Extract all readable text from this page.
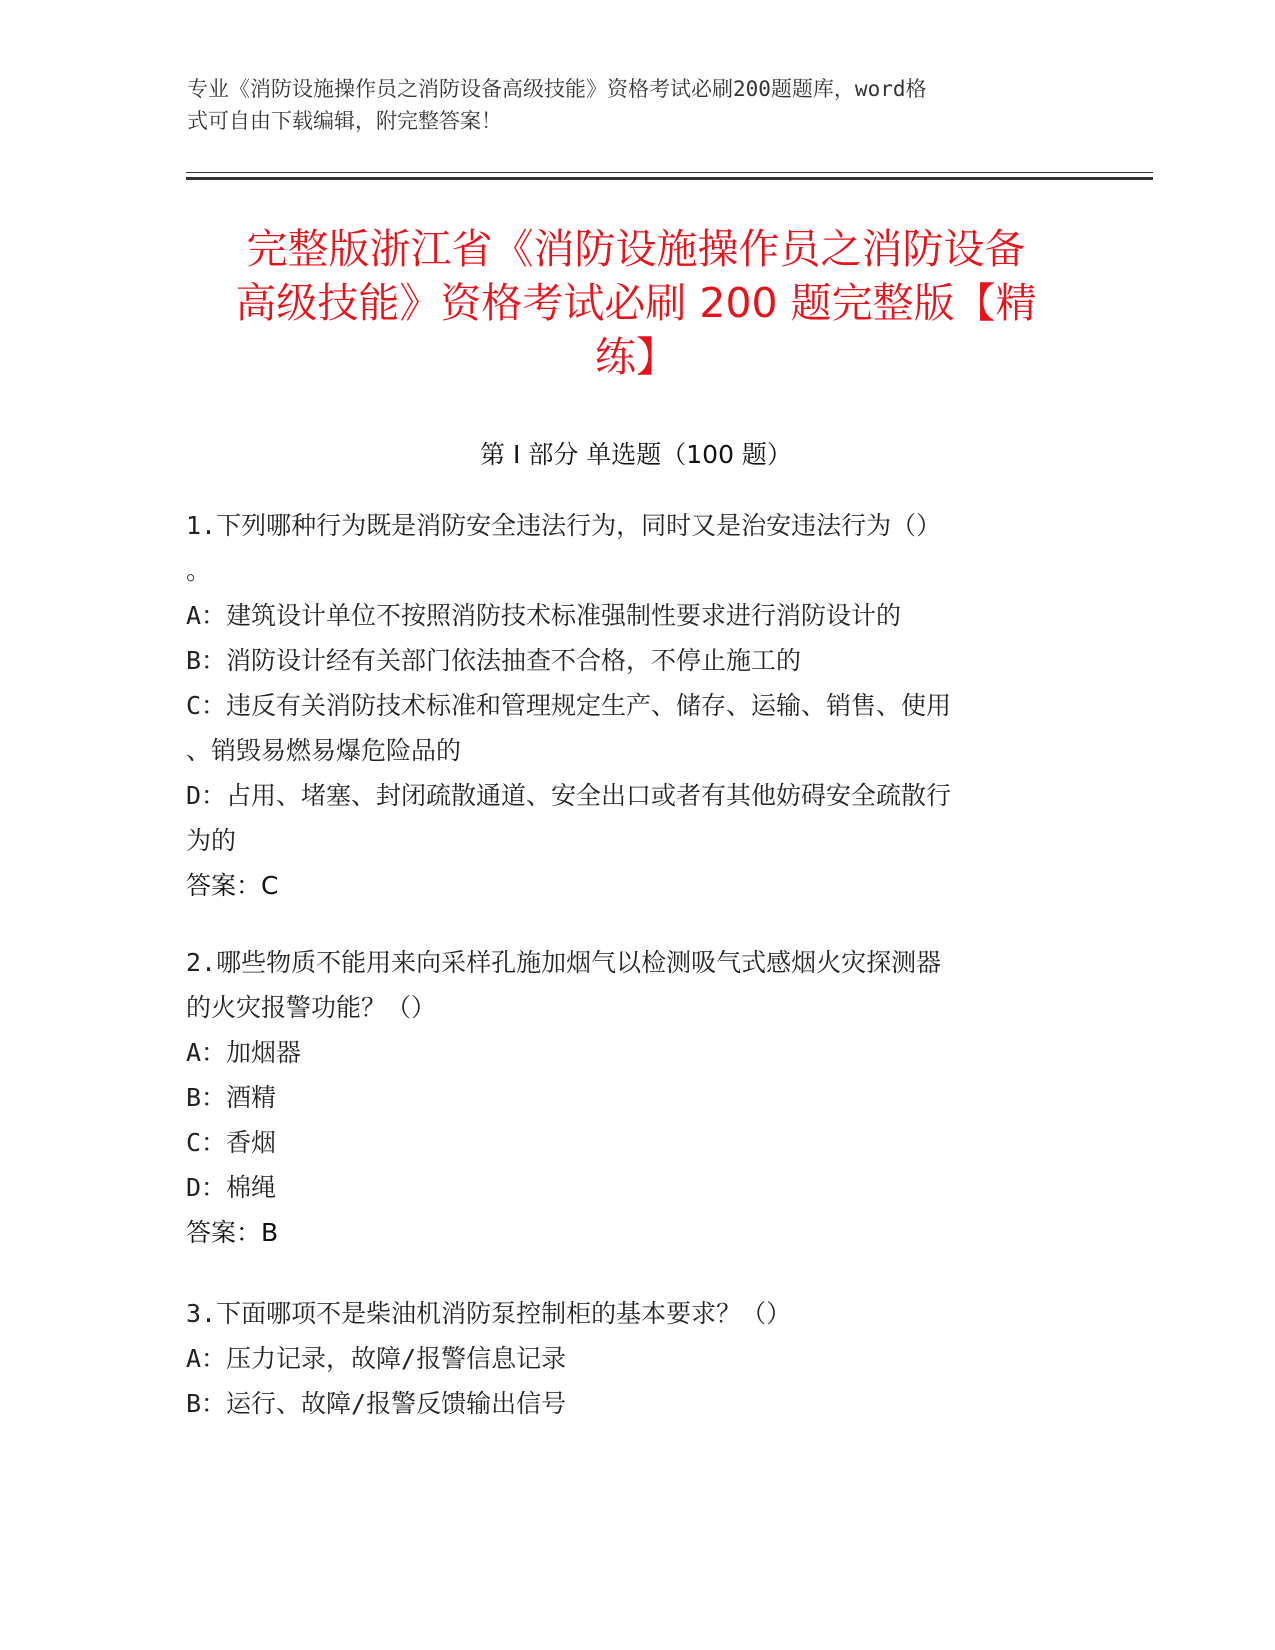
专业《消防设施操作员之消防设备高级技能》资格考试必刷200题题库，word格
式可自由下载编辑，附完整答案！
完整版浙江省《消防设施操作员之消防设备
高级技能》资格考试必刷 200 题完整版【精
练】
第 I 部分 单选题（100 题）
1.下列哪种行为既是消防安全违法行为，同时又是治安违法行为（）
。
A：建筑设计单位不按照消防技术标准强制性要求进行消防设计的
B：消防设计经有关部门依法抽查不合格，不停止施工的
C：违反有关消防技术标准和管理规定生产、储存、运输、销售、使用
、销毁易燃易爆危险品的
D：占用、堵塞、封闭疏散通道、安全出口或者有其他妨碍安全疏散行
为的
答案：C
2.哪些物质不能用来向采样孔施加烟气以检测吸气式感烟火灾探测器
的火灾报警功能？（）
A：加烟器
B：酒精
C：香烟
D：棉绳
答案：B
3.下面哪项不是柴油机消防泵控制柜的基本要求？（）
A：压力记录，故障/报警信息记录
B：运行、故障/报警反馈输出信号
